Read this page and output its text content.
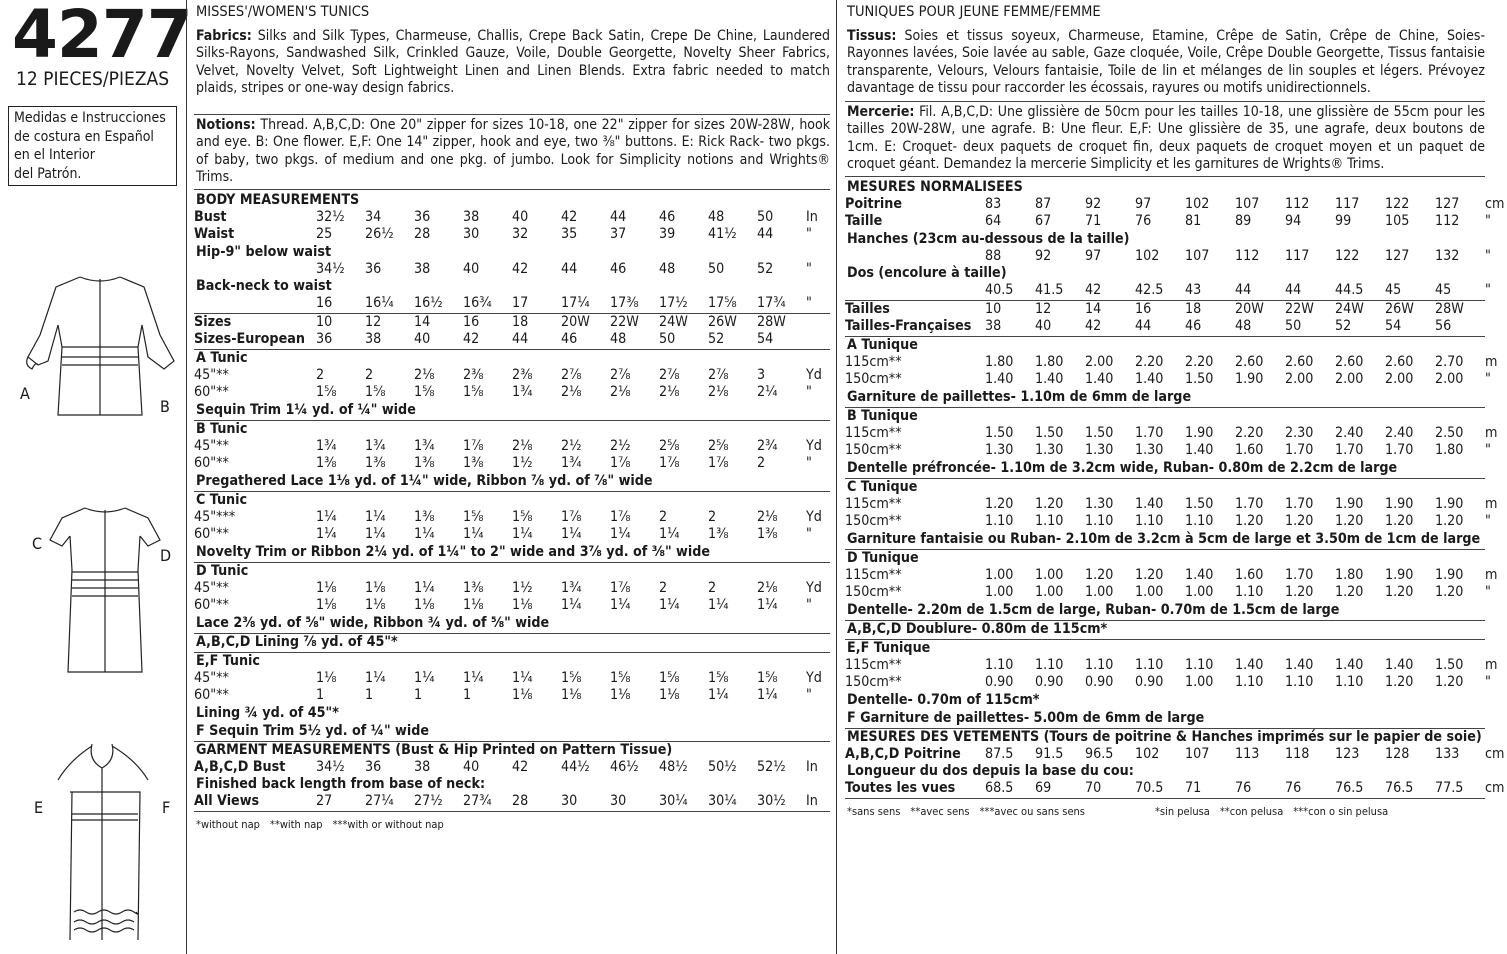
4277
12 PIECES/PIEZAS
Medidas e Instrucciones
de costura en Español
en el Interior
del Patrón.
A
B
C
D
E	F
MISSES'/WOMEN'S TUNICS
Fabrics: Silks and Silk Types, Charmeuse, Challis, Crepe Back Satin, Crepe De Chine, Laundered Silks-Rayons, Sandwashed Silk, Crinkled Gauze, Voile, Double Georgette, Novelty Sheer Fabrics, Velvet, Novelty Velvet, Soft Lightweight Linen and Linen Blends. Extra fabric needed to match plaids, stripes or one-way design fabrics.
Notions: Thread. A,B,C,D: One 20" zipper for sizes 10-18, one 22" zipper for sizes 20W-28W, hook and eye. B: One flower. E,F: One 14" zipper, hook and eye, two ⅜" buttons. E: Rick Rack- two pkgs. of baby, two pkgs. of medium and one pkg. of jumbo. Look for Simplicity notions and Wrights® Trims.
BODY MEASUREMENTS
Bust	32½	34	36	38	40	42	44	46	48	50	In
Waist	25	26½	28	30	32	35	37	39	41½	44	"
Hip-9" below waist
34½	36	38	40	42	44	46	48	50	52	"
Back-neck to waist
16	16¼	16½	16¾	17	17¼	17⅜	17½	17⅝	17¾	"
Sizes	10	12	14	16	18	20W	22W	24W	26W	28W
Sizes-European 36	38	40	42	44	46	48	50	52	54
A Tunic
45"**	2	2	2⅛	2⅜	2⅜	2⅞	2⅞	2⅞	2⅞	3	Yd
60"**	1⅝	1⅝	1⅝	1⅝	1¾	2⅛	2⅛	2⅛	2⅛	2¼	"
Sequin Trim 1¼ yd. of ¼" wide
B Tunic
45"**	1¾	1¾	1¾	1⅞	2⅛	2½	2½	2⅝	2⅝	2¾	Yd
60"**	1⅜	1⅜	1⅜	1⅜	1½	1¾	1⅞	1⅞	1⅞	2	"
Pregathered Lace 1⅛ yd. of 1¼" wide, Ribbon ⅞ yd. of ⅞" wide
C Tunic
45"***	1¼	1¼	1⅜	1⅝	1⅝	1⅞	1⅞	2	2	2⅛	Yd
60"**	1¼	1¼	1¼	1¼	1¼	1¼	1¼	1¼	1⅜	1⅜	"
Novelty Trim or Ribbon 2¼ yd. of 1¼" to 2" wide and 3⅞ yd. of ⅜" wide
D Tunic
45"**	1⅛	1⅛	1¼	1⅜	1½	1¾	1⅞	2	2	2⅛	Yd
60"**	1⅛	1⅛	1⅛	1⅛	1⅛	1¼	1¼	1¼	1¼	1¼	"
Lace 2⅜ yd. of ⅝" wide, Ribbon ¾ yd. of ⅝" wide
A,B,C,D Lining ⅞ yd. of 45"*
E,F Tunic
45"**	1⅛	1¼	1¼	1¼	1¼	1⅝	1⅝	1⅝	1⅝	1⅝	Yd
60"**	1	1	1	1	1⅛	1⅛	1⅛	1⅛	1¼	1¼	"
Lining ¾ yd. of 45"*
F Sequin Trim 5½ yd. of ¼" wide
GARMENT MEASUREMENTS (Bust & Hip Printed on Pattern Tissue)
A,B,C,D Bust	34½	36	38	40	42	44½	46½	48½	50½	52½	In
Finished back length from base of neck:
All Views	27	27¼	27½	27¾	28	30	30	30¼	30¼	30½	In
*without nap **with nap ***with or without nap
TUNIQUES POUR JEUNE FEMME/FEMME
Tissus: Soies et tissus soyeux, Charmeuse, Etamine, Crêpe de Satin, Crêpe de Chine, Soies-Rayonnes lavées, Soie lavée au sable, Gaze cloquée, Voile, Crêpe Double Georgette, Tissus fantaisie transparente, Velours, Velours fantaisie, Toile de lin et mélanges de lin souples et légers. Prévoyez davantage de tissu pour raccorder les écossais, rayures ou motifs unidirectionnels.
Mercerie: Fil. A,B,C,D: Une glissière de 50cm pour les tailles 10-18, une glissière de 55cm pour les tailles 20W-28W, une agrafe. B: Une fleur. E,F: Une glissière de 35, une agrafe, deux boutons de 1cm. E: Croquet- deux paquets de croquet fin, deux paquets de croquet moyen et un paquet de croquet géant. Demandez la mercerie Simplicity et les garnitures de Wrights® Trims.
MESURES NORMALISEES
Poitrine	83	87	92	97	102	107	112	117	122	127	cm
Taille	64	67	71	76	81	89	94	99	105	112	"
Hanches (23cm au-dessous de la taille)
88	92	97	102	107	112	117	122	127	132	"
Dos (encolure à taille)
40.5	41.5	42	42.5	43	44	44	44.5	45	45	"
Tailles	10	12	14	16	18	20W	22W	24W	26W	28W
Tailles-Françaises 38	40	42	44	46	48	50	52	54	56
A Tunique
115cm**	1.80	1.80	2.00	2.20	2.20	2.60	2.60	2.60	2.60	2.70	m
150cm**	1.40	1.40	1.40	1.40	1.50	1.90	2.00	2.00	2.00	2.00	"
Garniture de paillettes- 1.10m de 6mm de large
B Tunique
115cm**	1.50	1.50	1.50	1.70	1.90	2.20	2.30	2.40	2.40	2.50	m
150cm**	1.30	1.30	1.30	1.30	1.40	1.60	1.70	1.70	1.70	1.80	"
Dentelle préfroncée- 1.10m de 3.2cm wide, Ruban- 0.80m de 2.2cm de large
C Tunique
115cm**	1.20	1.20	1.30	1.40	1.50	1.70	1.70	1.90	1.90	1.90	m
150cm**	1.10	1.10	1.10	1.10	1.10	1.20	1.20	1.20	1.20	1.20	"
Garniture fantaisie ou Ruban- 2.10m de 3.2cm à 5cm de large et 3.50m de 1cm de large
D Tunique
115cm**	1.00	1.00	1.20	1.20	1.40	1.60	1.70	1.80	1.90	1.90	m
150cm**	1.00	1.00	1.00	1.00	1.00	1.10	1.20	1.20	1.20	1.20	"
Dentelle- 2.20m de 1.5cm de large, Ruban- 0.70m de 1.5cm de large
A,B,C,D Doublure- 0.80m de 115cm*
E,F Tunique
115cm**	1.10	1.10	1.10	1.10	1.10	1.40	1.40	1.40	1.40	1.50	m
150cm**	0.90	0.90	0.90	0.90	1.00	1.10	1.10	1.10	1.20	1.20	"
Dentelle- 0.70m of 115cm*
F Garniture de paillettes- 5.00m de 6mm de large
MESURES DES VETEMENTS (Tours de poitrine & Hanches imprimés sur le papier de soie)
A,B,C,D Poitrine	87.5	91.5	96.5	102	107	113	118	123	128	133	cm
Longueur du dos depuis la base du cou:
Toutes les vues	68.5	69	70	70.5	71	76	76	76.5	76.5	77.5	cm
*sans sens **avec sens ***avec ou sans sens	*sin pelusa **con pelusa ***con o sin pelusa
